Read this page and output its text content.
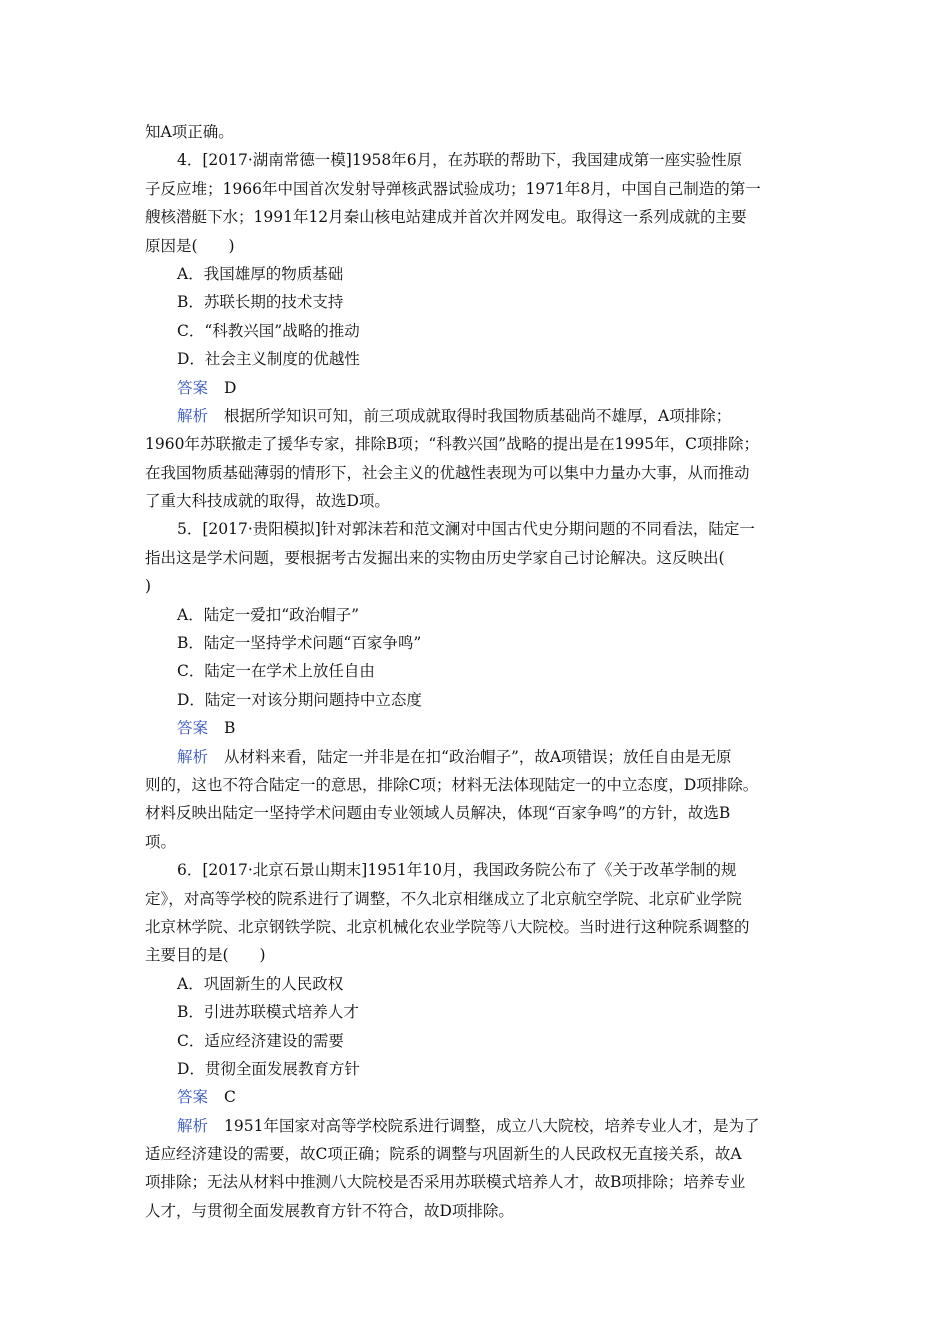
知A项正确。
4．[2017·湖南常德一模]1958年6月，在苏联的帮助下，我国建成第一座实验性原
子反应堆；1966年中国首次发射导弹核武器试验成功；1971年8月，中国自己制造的第一
艘核潜艇下水；1991年12月秦山核电站建成并首次并网发电。取得这一系列成就的主要
原因是(　　)
A．我国雄厚的物质基础
B．苏联长期的技术支持
C．“科教兴国”战略的推动
D．社会主义制度的优越性
答案 D
解析 根据所学知识可知，前三项成就取得时我国物质基础尚不雄厚，A项排除；
1960年苏联撤走了援华专家，排除B项；“科教兴国”战略的提出是在1995年，C项排除；
在我国物质基础薄弱的情形下，社会主义的优越性表现为可以集中力量办大事，从而推动
了重大科技成就的取得，故选D项。
5．[2017·贵阳模拟]针对郭沫若和范文澜对中国古代史分期问题的不同看法，陆定一
指出这是学术问题，要根据考古发掘出来的实物由历史学家自己讨论解决。这反映出(
)
A．陆定一爱扣“政治帽子”
B．陆定一坚持学术问题“百家争鸣”
C．陆定一在学术上放任自由
D．陆定一对该分期问题持中立态度
答案 B
解析 从材料来看，陆定一并非是在扣“政治帽子”，故A项错误；放任自由是无原
则的，这也不符合陆定一的意思，排除C项；材料无法体现陆定一的中立态度，D项排除。
材料反映出陆定一坚持学术问题由专业领域人员解决，体现“百家争鸣”的方针，故选B
项。
6．[2017·北京石景山期末]1951年10月，我国政务院公布了《关于改革学制的规
定》，对高等学校的院系进行了调整，不久北京相继成立了北京航空学院、北京矿业学院
北京林学院、北京钢铁学院、北京机械化农业学院等八大院校。当时进行这种院系调整的
主要目的是(　　)
A．巩固新生的人民政权
B．引进苏联模式培养人才
C．适应经济建设的需要
D．贯彻全面发展教育方针
答案 C
解析 1951年国家对高等学校院系进行调整，成立八大院校，培养专业人才，是为了
适应经济建设的需要，故C项正确；院系的调整与巩固新生的人民政权无直接关系，故A
项排除；无法从材料中推测八大院校是否采用苏联模式培养人才，故B项排除；培养专业
人才，与贯彻全面发展教育方针不符合，故D项排除。
